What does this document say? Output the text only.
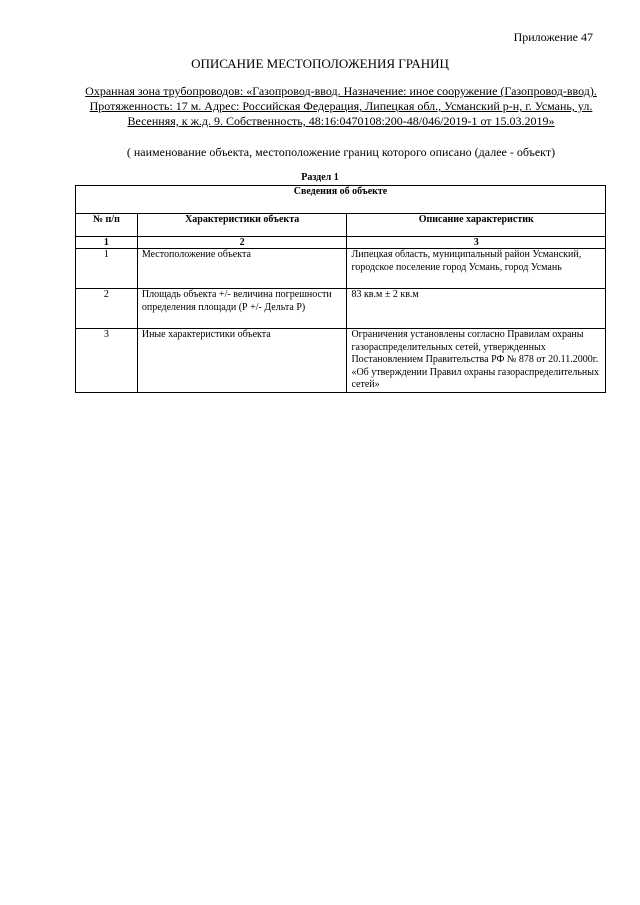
Приложение 47
ОПИСАНИЕ МЕСТОПОЛОЖЕНИЯ ГРАНИЦ
Охранная зона трубопроводов: «Газопровод-ввод. Назначение: иное сооружение (Газопровод-ввод). Протяженность: 17 м. Адрес: Российская Федерация, Липецкая обл., Усманский р-н, г. Усмань, ул. Весенняя, к ж.д. 9. Собственность, 48:16:0470108:200-48/046/2019-1 от 15.03.2019»
( наименование объекта, местоположение границ которого описано (далее - объект)
Раздел 1
Сведения об объекте		
№ п/п	Характеристики объекта	Описание характеристик
1	2	3
1	Местоположение объекта	Липецкая область, муниципальный район Усманский, городское поселение город Усмань, город Усмань
2	Площадь объекта +/- величина погрешности определения площади (Р +/- Дельта Р)	83 кв.м ± 2 кв.м
3	Иные характеристики объекта	Ограничения установлены согласно Правилам охраны газораспределительных сетей, утвержденных Постановлением Правительства РФ № 878 от 20.11.2000г. «Об утверждении Правил охраны газораспределительных сетей»
